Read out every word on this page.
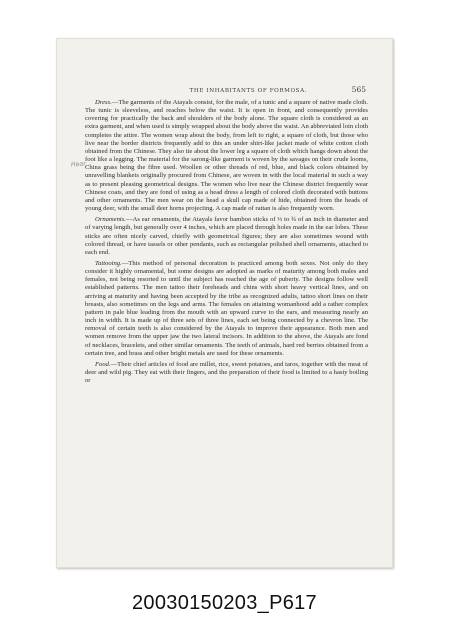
THE INHABITANTS OF FORMOSA.	565
Hear

Dress.—The garments of the Atayals consist, for the male, of a tunic and a square of native made cloth. The tunic is sleeveless, and reaches below the waist. It is open in front, and consequently provides covering for practically the back and shoulders of the body alone. The square cloth is considered as an extra garment, and when used is simply wrapped about the body above the waist. An abbreviated loin cloth completes the attire. The women wrap about the body, from left to right, a square of cloth, but those who live near the border districts frequently add to this an under shirt-like jacket made of white cotton cloth obtained from the Chinese. They also tie about the lower leg a square of cloth which hangs down about the foot like a legging. The material for the sarong-like garment is woven by the savages on their crude looms, China grass being the fibre used. Woollen or other threads of red, blue, and black colors obtained by unravelling blankets originally procured from Chinese, are woven in with the local material in such a way as to present pleasing geometrical designs. The women who live near the Chinese district frequently wear Chinese coats, and they are fond of using as a head dress a length of colored cloth decorated with buttons and other ornaments. The men wear on the head a skull cap made of hide, obtained from the heads of young deer, with the small deer horns projecting. A cap made of rattan is also frequently worn.

Ornaments.—As ear ornaments, the Atayals favor bamboo sticks of ⅓ to ¾ of an inch in diameter and of varying length, but generally over 4 inches, which are placed through holes made in the ear lobes. These sticks are often nicely carved, chiefly with geometrical figures; they are also sometimes wound with colored thread, or have tassels or other pendants, such as rectangular polished shell ornaments, attached to each end.

Tattooing.—This method of personal decoration is practiced among both sexes. Not only do they consider it highly ornamental, but some designs are adopted as marks of maturity among both males and females, not being resorted to until the subject has reached the age of puberty. The designs follow well established patterns. The men tattoo their foreheads and chins with short heavy vertical lines, and on arriving at maturity and having been accepted by the tribe as recognized adults, tattoo short lines on their breasts, also sometimes on the legs and arms. The females on attaining womanhood add a rather complex pattern in pale blue leading from the mouth with an upward curve to the ears, and measuring nearly an inch in width. It is made up of three sets of three lines, each set being connected by a chevron line. The removal of certain teeth is also considered by the Atayals to improve their appearance. Both men and women remove from the upper jaw the two lateral incisors. In addition to the above, the Atayals are fond of necklaces, bracelets, and other similar ornaments. The teeth of animals, hard red berries obtained from a certain tree, and brass and other bright metals are used for these ornaments.

Food.—Their chief articles of food are millet, rice, sweet potatoes, and taros, together with the meat of deer and wild pig. They eat with their fingers, and the preparation of their food is limited to a hasty boiling or

20030150203_P617
